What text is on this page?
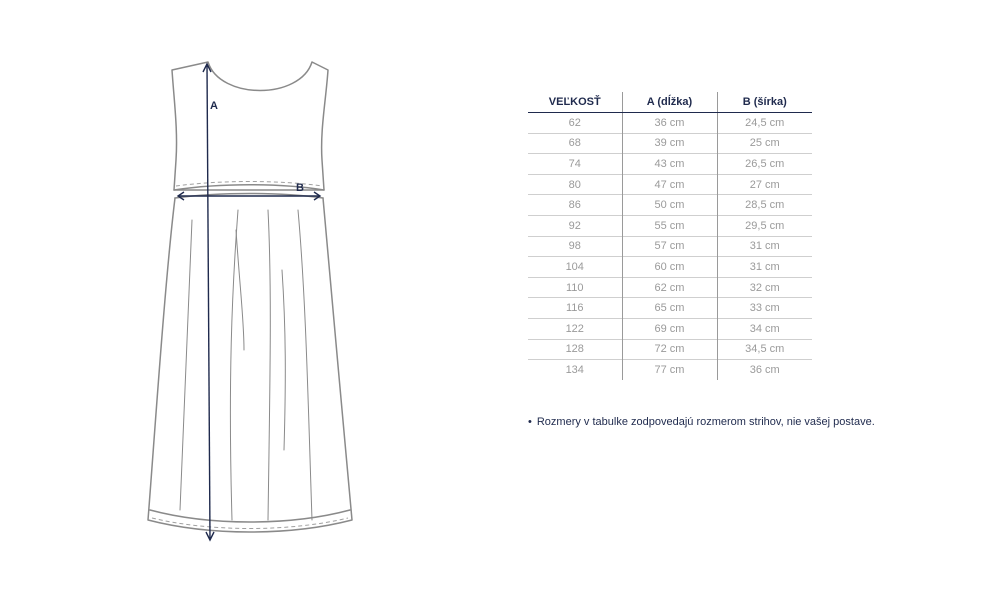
A
B
VEĽKOSŤ	A (dĺžka)	B (šírka)
62	36 cm	24,5 cm
68	39 cm	25 cm
74	43 cm	26,5 cm
80	47 cm	27 cm
86	50 cm	28,5 cm
92	55 cm	29,5 cm
98	57 cm	31 cm
104	60 cm	31 cm
110	62 cm	32 cm
116	65 cm	33 cm
122	69 cm	34 cm
128	72 cm	34,5 cm
134	77 cm	36 cm
• Rozmery v tabulke zodpovedajú rozmerom strihov, nie vašej postave.
